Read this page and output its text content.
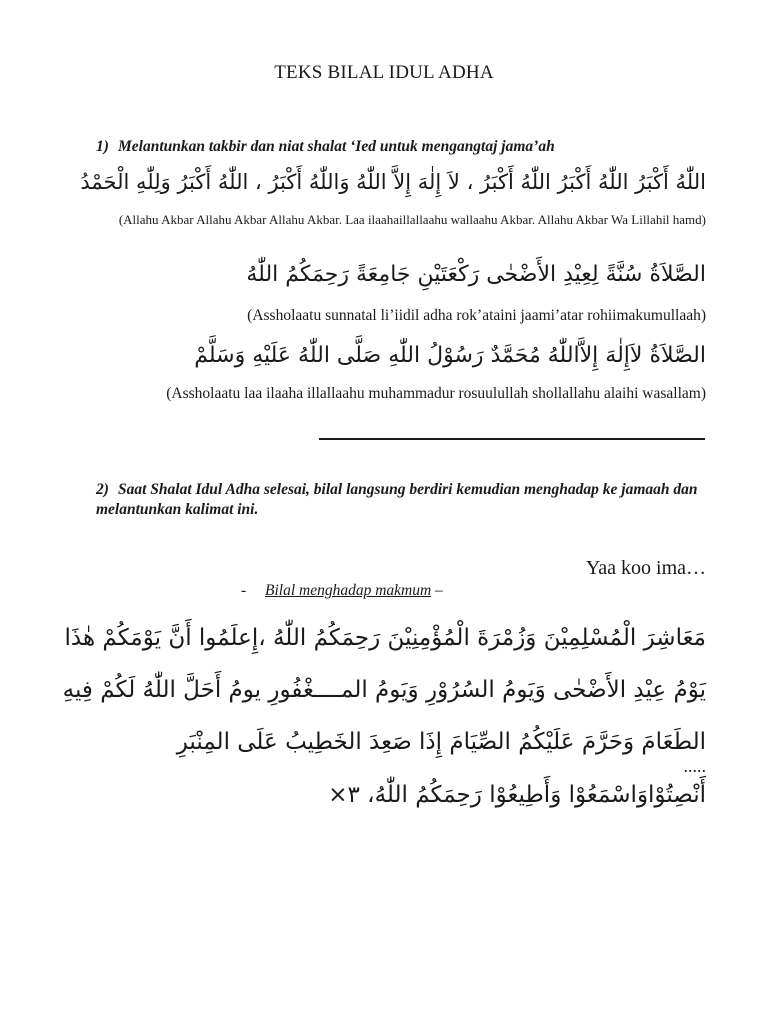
TEKS BILAL IDUL ADHA
1) Melantunkan takbir dan niat shalat ‘Ied untuk mengangtaj jama’ah
اللّٰهُ أَكْبَرُ اللّٰهُ أَكْبَرُ اللّٰهُ أَكْبَرُ ، لاَ إِلٰهَ إِلاَّ اللّٰهُ وَاللّٰهُ أَكْبَرُ ، اللّٰهُ أَكْبَرُ وَلِلّٰهِ الْحَمْدُ
(Allahu Akbar Allahu Akbar Allahu Akbar. Laa ilaahaillallaahu wallaahu Akbar. Allahu Akbar Wa Lillahil hamd)
الصَّلاَةُ سُنَّةً لِعِيْدِ الأَضْحٰى رَكْعَتَيْنِ جَامِعَةً رَحِمَكُمُ اللّٰهُ
(Assholaatu sunnatal li’iidil adha rok’ataini jaami’atar rohiimakumullaah)
الصَّلاَةُ لاَإِلٰهَ إِلاَّاللّٰهُ مُحَمَّدٌ رَسُوْلُ اللّٰهِ صَلَّى اللّٰهُ عَلَيْهِ وَسَلَّمْ
(Assholaatu laa ilaaha illallaahu muhammadur rosuulullah shollallahu alaihi wasallam)
2) Saat Shalat Idul Adha selesai, bilal langsung berdiri kemudian menghadap ke jamaah dan melantunkan kalimat ini.
Yaa koo ima…
- Bilal menghadap makmum –
مَعَاشِرَ الْمُسْلِمِيْنَ وَزُمْرَةَ الْمُؤْمِنِيْنَ رَحِمَكُمُ اللّٰهُ ،إِعلَمُوا أَنَّ يَوْمَكُمْ هٰذَا يَوْمُ عِيْدِ الأَضْحٰى وَيَومُ السُرُوْرِ وَيَومُ المــــغْفُورِ يومُ أَحَلَّ اللّٰهُ لَكُمْ فِيهِ الطَعَامَ وَحَرَّمَ عَلَيْكُمُ الصِّيَامَ إِذَا صَعِدَ الخَطِيبُ عَلَى المِنْبَرِ
.....
أَنْصِتُوْاوَاسْمَعُوْا وَأَطِيعُوْا رَحِمَكُمُ اللّٰهُ، ٣×
